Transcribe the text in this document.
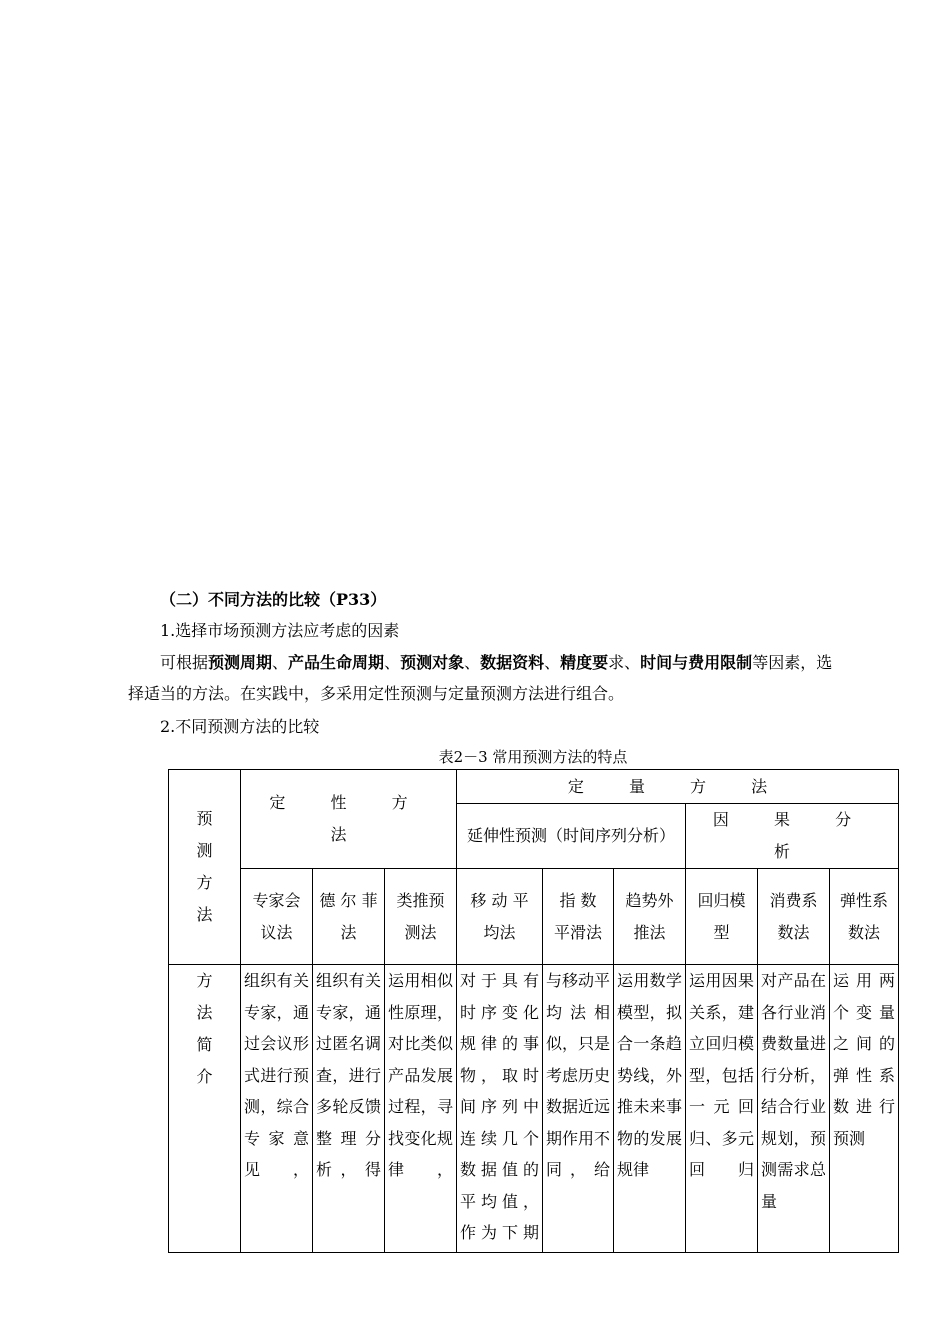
（二）不同方法的比较（P33）
1.选择市场预测方法应考虑的因素
可根据预测周期、产品生命周期、预测对象、数据资料、精度要求、时间与费用限制等因素，选
择适当的方法。在实践中，多采用定性预测与定量预测方法进行组合。
2.不同预测方法的比较
表2－3 常用预测方法的特点
预测方法	定 性 方 法			定 量 方 法					
				延伸性预测（时间序列分析）			因 果 分 析		
	专家会议法	德 尔 菲 法	类推预测法	移 动 平均法	指 数 平滑法	趋势外推法	回归模型	消费系数法	弹性系数法
方法简介	组织有关专家，通过会议形式进行预测，综合专家意见，	组织有关专家，通过匿名调查，进行多轮反馈整理分析，得	运用相似性原理，对比类似产品发展过程，寻找变化规律，	对于具有时序变化规律的事物，取时间序列中连续几个数据值的平均值，作为下期	与移动平均法相似，只是考虑历史数据近远期作用不同，给	运用数学模型，拟合一条趋势线，外推未来事物的发展规律	运用因果关系，建立回归模型，包括一元回归、多元回归	对产品在各行业消费数量进行分析，结合行业规划，预测需求总量	运用两个变量之间的弹性系数进行预测
